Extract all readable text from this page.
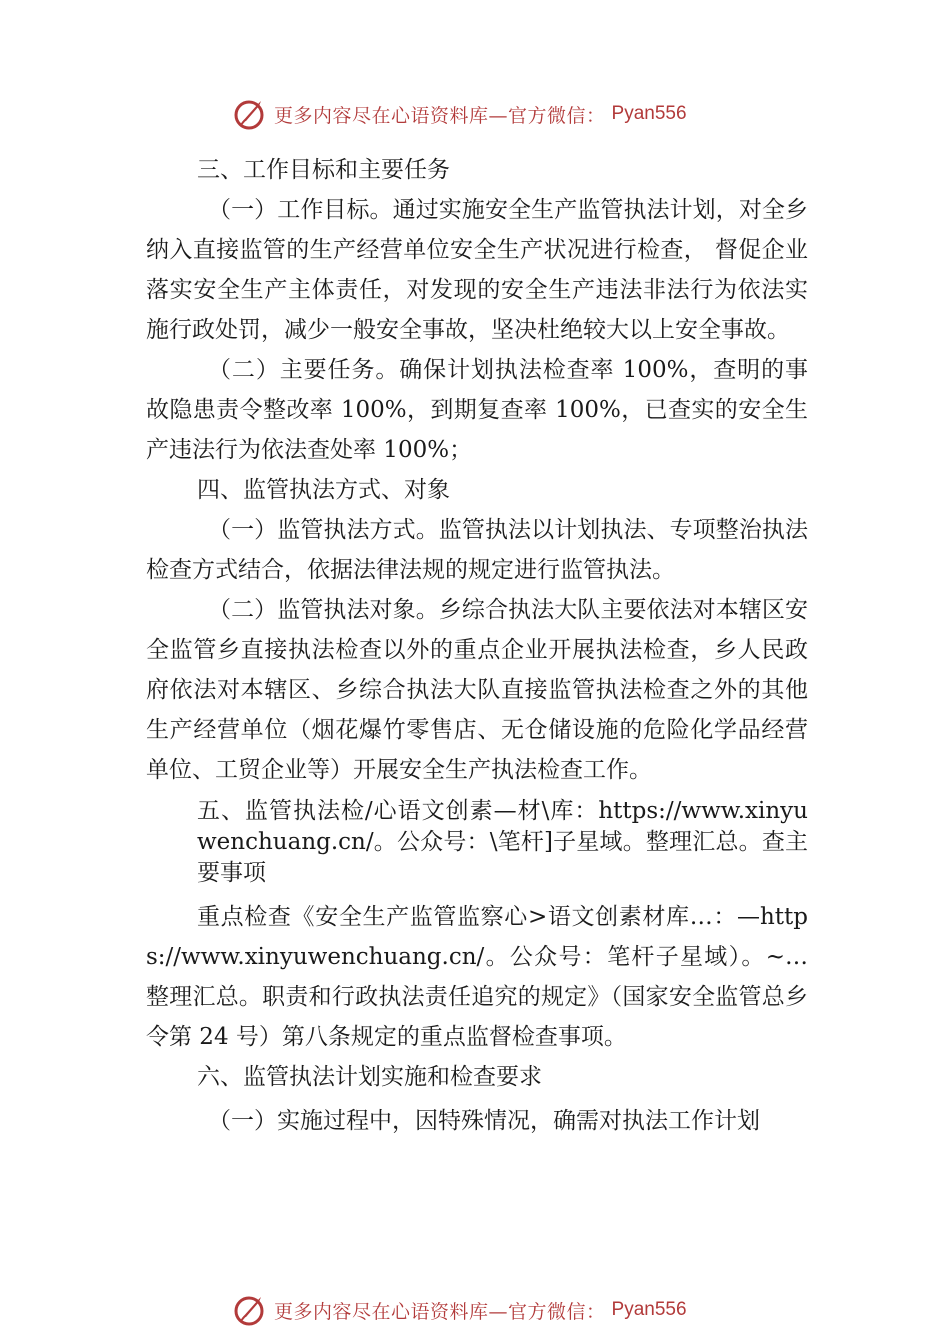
更多内容尽在心语资料库—官方微信： Pyan556

三、工作目标和主要任务

（一）工作目标。通过实施安全生产监管执法计划，对全乡纳入直接监管的生产经营单位安全生产状况进行检查， 督促企业落实安全生产主体责任，对发现的安全生产违法非法行为依法实施行政处罚，减少一般安全事故，坚决杜绝较大以上安全事故。

（二）主要任务。确保计划执法检查率 100%，查明的事故隐患责令整改率 100%，到期复查率 100%，已查实的安全生产违法行为依法查处率 100%；

四、监管执法方式、对象

（一）监管执法方式。监管执法以计划执法、专项整治执法检查方式结合，依据法律法规的规定进行监管执法。

（二）监管执法对象。乡综合执法大队主要依法对本辖区安全监管乡直接执法检查以外的重点企业开展执法检查，乡人民政府依法对本辖区、乡综合执法大队直接监管执法检查之外的其他生产经营单位（烟花爆竹零售店、无仓储设施的危险化学品经营单位、工贸企业等）开展安全生产执法检查工作。

五、监管执法检/心语文创素—材\库：https://www.xinyuwenchuang.cn/。公众号：\笔杆]子星域。整理汇总。查主要事项

重点检查《安全生产监管监察心>语文创素材库…：—https://www.xinyuwenchuang.cn/。公众号：笔杆子星域）。~…整理汇总。职责和行政执法责任追究的规定》（国家安全监管总乡令第 24 号）第八条规定的重点监督检查事项。

六、监管执法计划实施和检查要求

（一）实施过程中，因特殊情况，确需对执法工作计划

更多内容尽在心语资料库—官方微信： Pyan556
